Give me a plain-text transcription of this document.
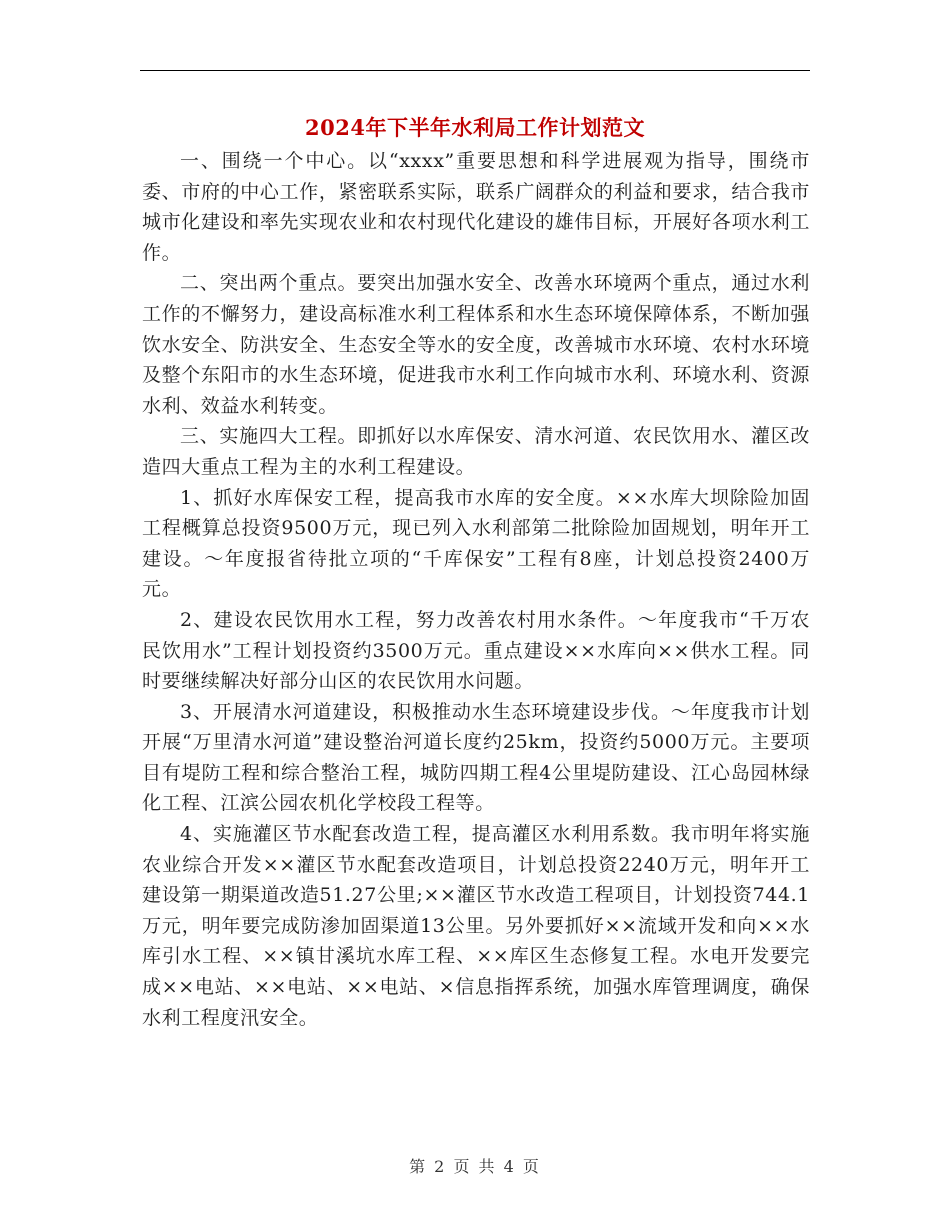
2024年下半年水利局工作计划范文

一、围绕一个中心。以“xxxx”重要思想和科学进展观为指导，围绕市委、市府的中心工作，紧密联系实际，联系广阔群众的利益和要求，结合我市城市化建设和率先实现农业和农村现代化建设的雄伟目标，开展好各项水利工作。

二、突出两个重点。要突出加强水安全、改善水环境两个重点，通过水利工作的不懈努力，建设高标准水利工程体系和水生态环境保障体系，不断加强饮水安全、防洪安全、生态安全等水的安全度，改善城市水环境、农村水环境及整个东阳市的水生态环境，促进我市水利工作向城市水利、环境水利、资源水利、效益水利转变。

三、实施四大工程。即抓好以水库保安、清水河道、农民饮用水、灌区改造四大重点工程为主的水利工程建设。

1、抓好水库保安工程，提高我市水库的安全度。××水库大坝除险加固工程概算总投资9500万元，现已列入水利部第二批除险加固规划，明年开工建设。～年度报省待批立项的“千库保安”工程有8座，计划总投资2400万元。

2、建设农民饮用水工程，努力改善农村用水条件。～年度我市“千万农民饮用水”工程计划投资约3500万元。重点建设××水库向××供水工程。同时要继续解决好部分山区的农民饮用水问题。

3、开展清水河道建设，积极推动水生态环境建设步伐。～年度我市计划开展“万里清水河道”建设整治河道长度约25km，投资约5000万元。主要项目有堤防工程和综合整治工程，城防四期工程4公里堤防建设、江心岛园林绿化工程、江滨公园农机化学校段工程等。

4、实施灌区节水配套改造工程，提高灌区水利用系数。我市明年将实施农业综合开发××灌区节水配套改造项目，计划总投资2240万元，明年开工建设第一期渠道改造51.27公里;××灌区节水改造工程项目，计划投资744.1万元，明年要完成防渗加固渠道13公里。另外要抓好××流域开发和向××水库引水工程、××镇甘溪坑水库工程、××库区生态修复工程。水电开发要完成××电站、××电站、××电站、×信息指挥系统，加强水库管理调度，确保水利工程度汛安全。

第 2 页 共 4 页
